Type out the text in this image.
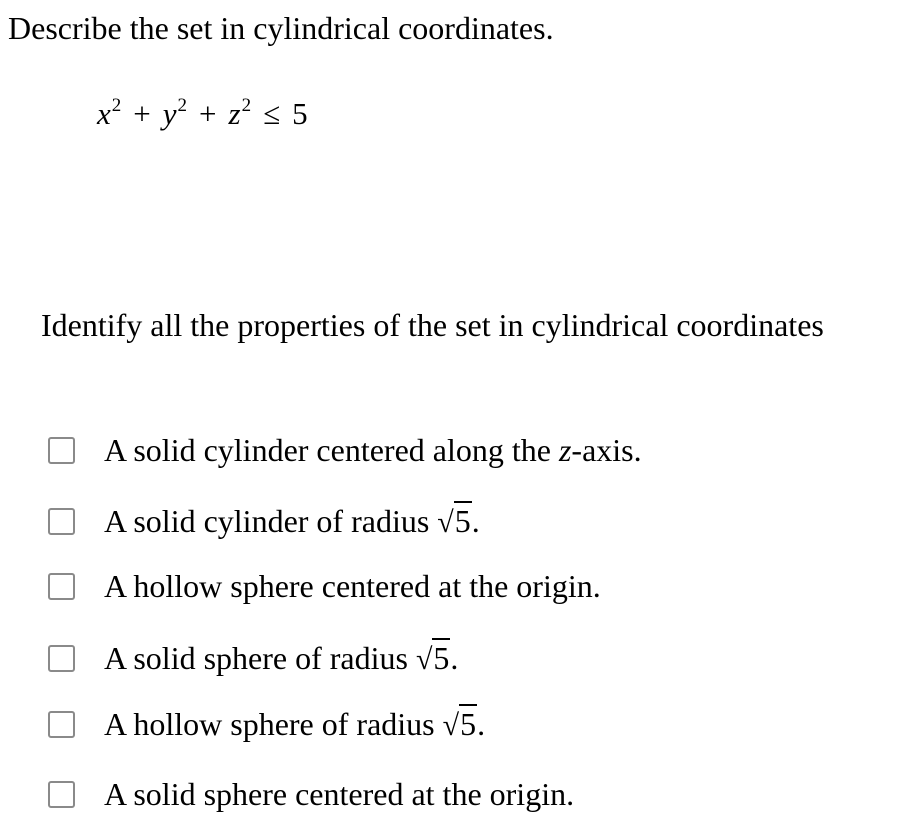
Describe the set in cylindrical coordinates.
$x^2 + y^2 + z^2 \le 5$
Identify all the properties of the set in cylindrical coordinates
A solid cylinder centered along the z-axis.
A solid cylinder of radius √5.
A hollow sphere centered at the origin.
A solid sphere of radius √5.
A hollow sphere of radius √5.
A solid sphere centered at the origin.
